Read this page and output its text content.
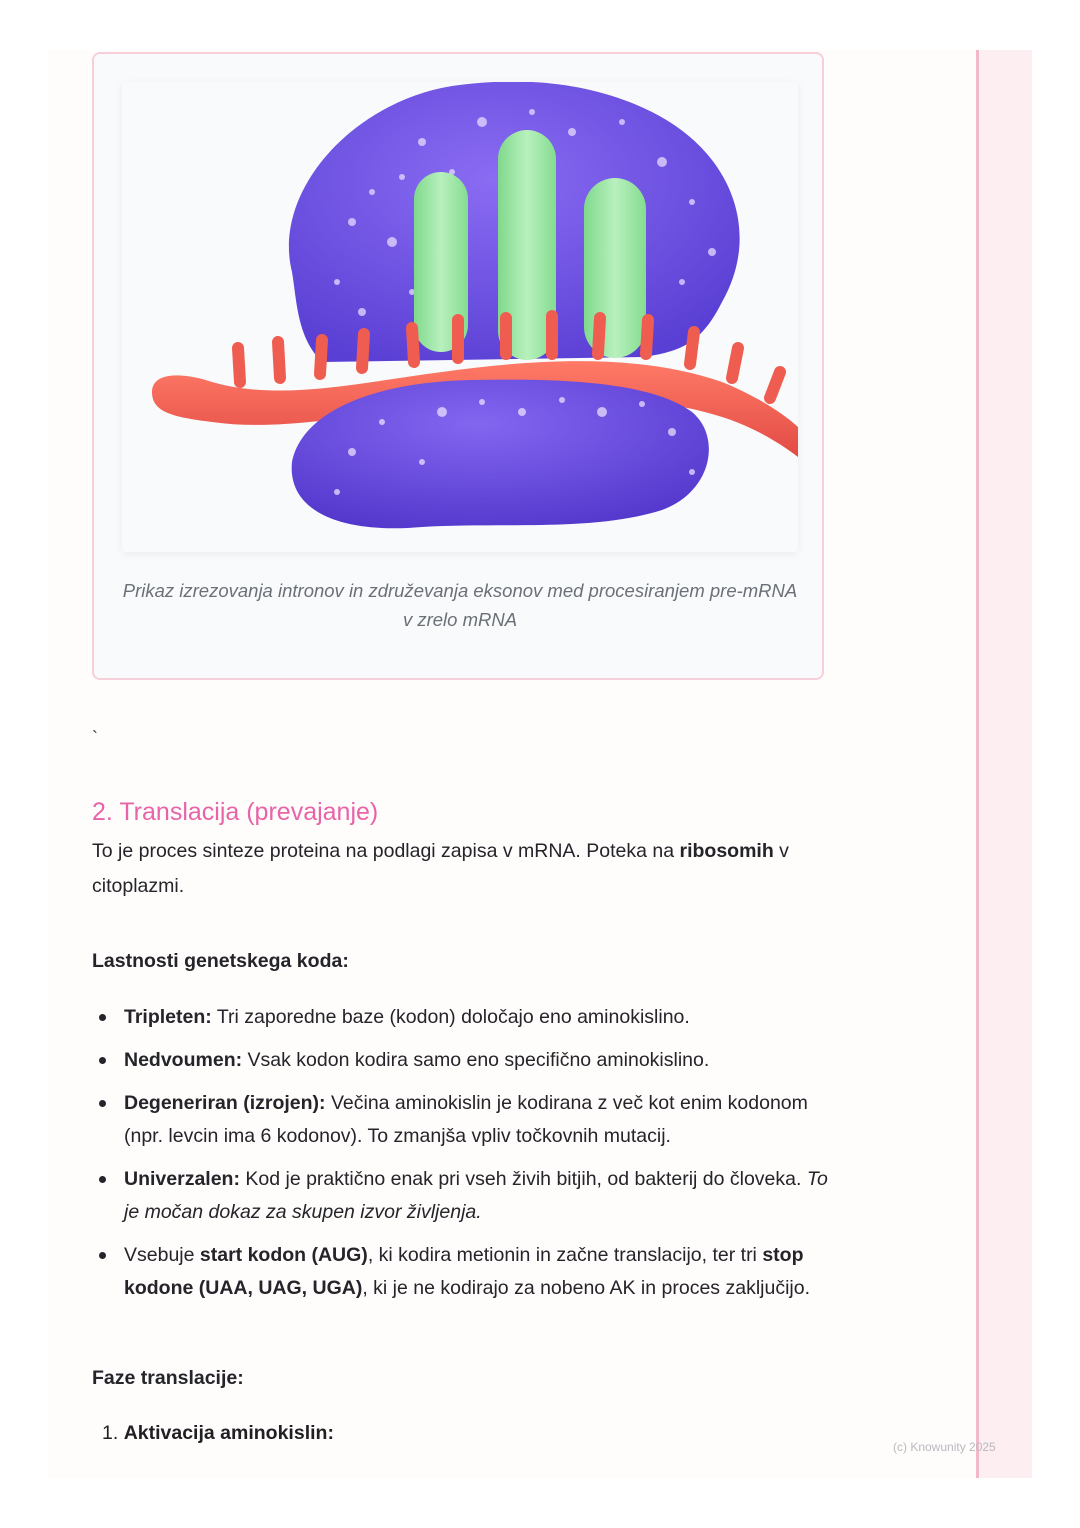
Prikaz izrezovanja intronov in združevanja eksonov med procesiranjem pre-mRNA v zrelo mRNA
`
2. Translacija (prevajanje)

To je proces sinteze proteina na podlagi zapisa v mRNA. Poteka na ribosomih v citoplazmi.

Lastnosti genetskega koda:
Tripleten: Tri zaporedne baze (kodon) določajo eno aminokislino.
Nedvoumen: Vsak kodon kodira samo eno specifično aminokislino.
Degeneriran (izrojen): Večina aminokislin je kodirana z več kot enim kodonom (npr. levcin ima 6 kodonov). To zmanjša vpliv točkovnih mutacij.
Univerzalen: Kod je praktično enak pri vseh živih bitjih, od bakterij do človeka. To je močan dokaz za skupen izvor življenja.
Vsebuje start kodon (AUG), ki kodira metionin in začne translacijo, ter tri stop kodone (UAA, UAG, UGA), ki je ne kodirajo za nobeno AK in proces zaključijo.
Faze translacije:
1. Aktivacija aminokislin:
(c) Knowunity 2025
